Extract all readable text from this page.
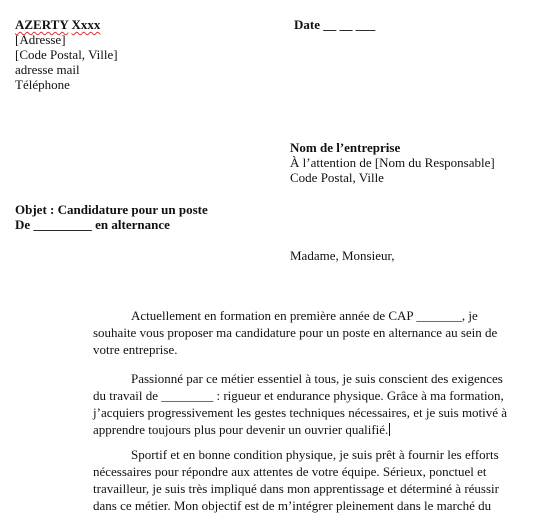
AZERTY Xxxx
[Adresse]
[Code Postal, Ville]
adresse mail
Téléphone
Date __ __ ___
Nom de l’entreprise
À l’attention de [Nom du Responsable]
Code Postal, Ville
Objet : Candidature pour un poste
De _________ en alternance
Madame, Monsieur,
Actuellement en formation en première année de CAP _______, je
souhaite vous proposer ma candidature pour un poste en alternance au sein de
votre entreprise.
Passionné par ce métier essentiel à tous, je suis conscient des exigences
du travail de ________ : rigueur et endurance physique. Grâce à ma formation,
j’acquiers progressivement les gestes techniques nécessaires, et je suis motivé à
apprendre toujours plus pour devenir un ouvrier qualifié.
Sportif et en bonne condition physique, je suis prêt à fournir les efforts
nécessaires pour répondre aux attentes de votre équipe. Sérieux, ponctuel et
travailleur, je suis très impliqué dans mon apprentissage et déterminé à réussir
dans ce métier. Mon objectif est de m’intégrer pleinement dans le marché du
